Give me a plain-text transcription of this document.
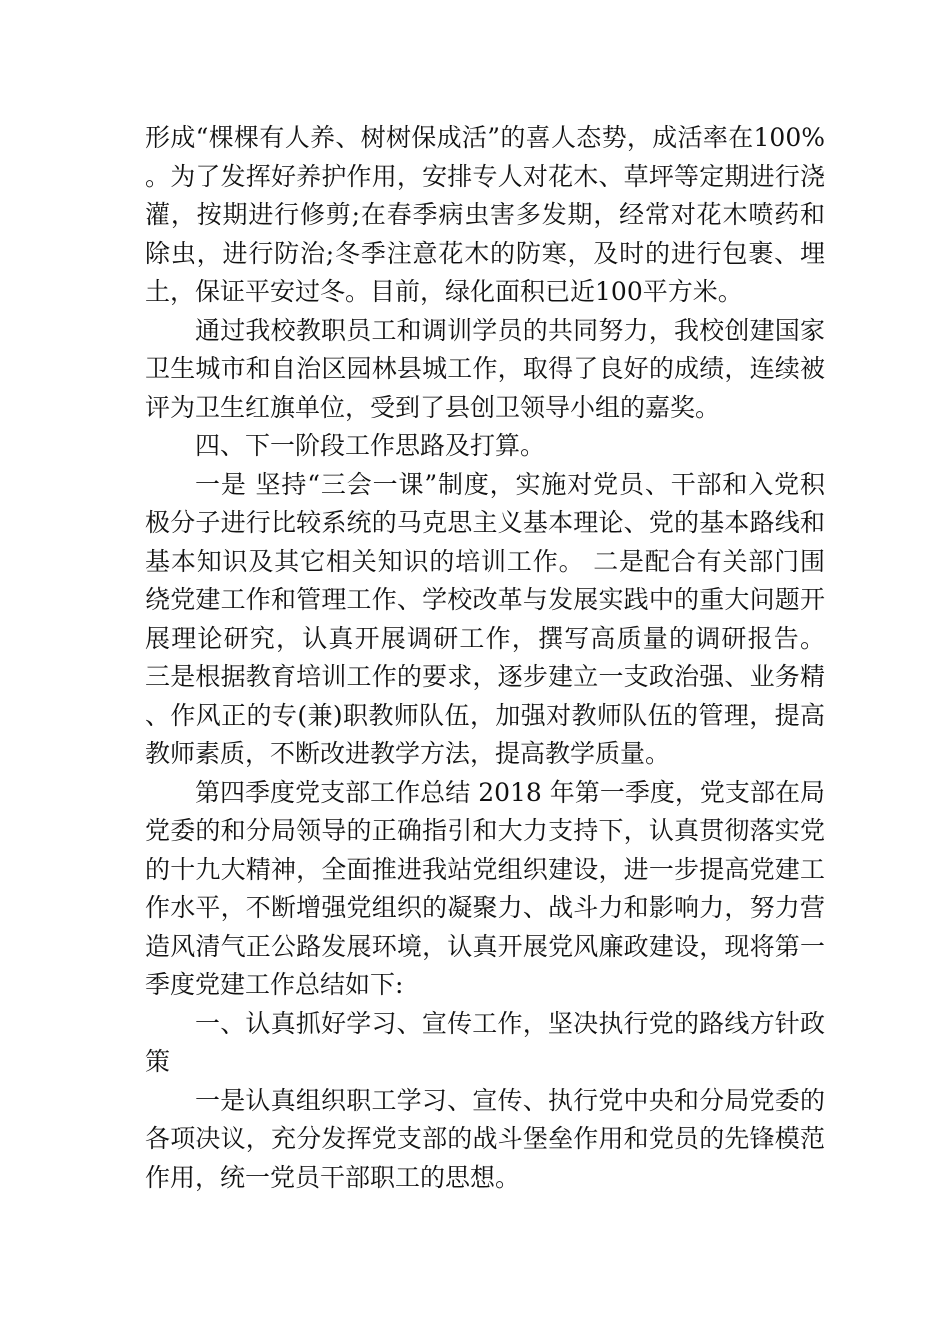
形成“棵棵有人养、树树保成活”的喜人态势，成活率在100%。为了发挥好养护作用，安排专人对花木、草坪等定期进行浇灌，按期进行修剪;在春季病虫害多发期，经常对花木喷药和除虫，进行防治;冬季注意花木的防寒，及时的进行包裹、埋土，保证平安过冬。目前，绿化面积已近100平方米。

通过我校教职员工和调训学员的共同努力，我校创建国家卫生城市和自治区园林县城工作，取得了良好的成绩，连续被评为卫生红旗单位，受到了县创卫领导小组的嘉奖。

四、下一阶段工作思路及打算。

一是 坚持“三会一课”制度，实施对党员、干部和入党积极分子进行比较系统的马克思主义基本理论、党的基本路线和基本知识及其它相关知识的培训工作。 二是配合有关部门围绕党建工作和管理工作、学校改革与发展实践中的重大问题开展理论研究，认真开展调研工作，撰写高质量的调研报告。 三是根据教育培训工作的要求，逐步建立一支政治强、业务精、作风正的专(兼)职教师队伍，加强对教师队伍的管理，提高教师素质，不断改进教学方法，提高教学质量。

第四季度党支部工作总结 2018 年第一季度，党支部在局党委的和分局领导的正确指引和大力支持下，认真贯彻落实党的十九大精神，全面推进我站党组织建设，进一步提高党建工作水平，不断增强党组织的凝聚力、战斗力和影响力，努力营造风清气正公路发展环境，认真开展党风廉政建设，现将第一季度党建工作总结如下:

一、认真抓好学习、宣传工作，坚决执行党的路线方针政策

一是认真组织职工学习、宣传、执行党中央和分局党委的各项决议，充分发挥党支部的战斗堡垒作用和党员的先锋模范作用，统一党员干部职工的思想。
